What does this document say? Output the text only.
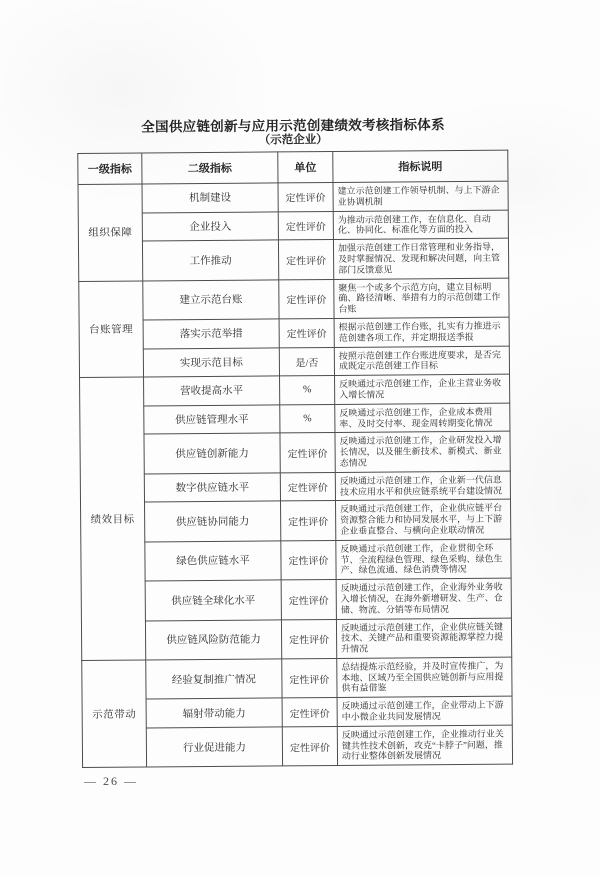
全国供应链创新与应用示范创建绩效考核指标体系
（示范企业）
一级指标	二级指标	单位	指标说明
组织保障	机制建设	定性评价	建立示范创建工作领导机制、与上下游企业协调机制
	企业投入	定性评价	为推动示范创建工作，在信息化、自动化、协同化、标准化等方面的投入
	工作推动	定性评价	加强示范创建工作日常管理和业务指导，及时掌握情况、发现和解决问题，向主管部门反馈意见
台账管理	建立示范台账	定性评价	聚焦一个或多个示范方向，建立目标明确、路径清晰、举措有力的示范创建工作台账
	落实示范举措	定性评价	根据示范创建工作台账，扎实有力推进示范创建各项工作，并定期报送季报
	实现示范目标	是/否	按照示范创建工作台账进度要求，是否完成既定示范创建工作目标
绩效目标	营收提高水平	%	反映通过示范创建工作，企业主营业务收入增长情况
	供应链管理水平	%	反映通过示范创建工作，企业成本费用率、及时交付率、现金周转期变化情况
	供应链创新能力	定性评价	反映通过示范创建工作，企业研发投入增长情况，以及催生新技术、新模式、新业态情况
	数字供应链水平	定性评价	反映通过示范创建工作，企业新一代信息技术应用水平和供应链系统平台建设情况
	供应链协同能力	定性评价	反映通过示范创建工作，企业供应链平台资源整合能力和协同发展水平，与上下游企业垂直整合、与横向企业联动情况
	绿色供应链水平	定性评价	反映通过示范创建工作，企业贯彻全环节、全流程绿色管理、绿色采购、绿色生产、绿色流通、绿色消费等情况
	供应链全球化水平	定性评价	反映通过示范创建工作，企业海外业务收入增长情况，在海外新增研发、生产、仓储、物流、分销等布局情况
	供应链风险防范能力	定性评价	反映通过示范创建工作，企业供应链关键技术、关键产品和重要资源能源掌控力提升情况
示范带动	经验复制推广情况	定性评价	总结提炼示范经验，并及时宣传推广，为本地、区域乃至全国供应链创新与应用提供有益借鉴
	辐射带动能力	定性评价	反映通过示范创建工作，企业带动上下游中小微企业共同发展情况
	行业促进能力	定性评价	反映通过示范创建工作，企业推动行业关键共性技术创新，攻克“卡脖子”问题，推动行业整体创新发展情况
— 26 —
